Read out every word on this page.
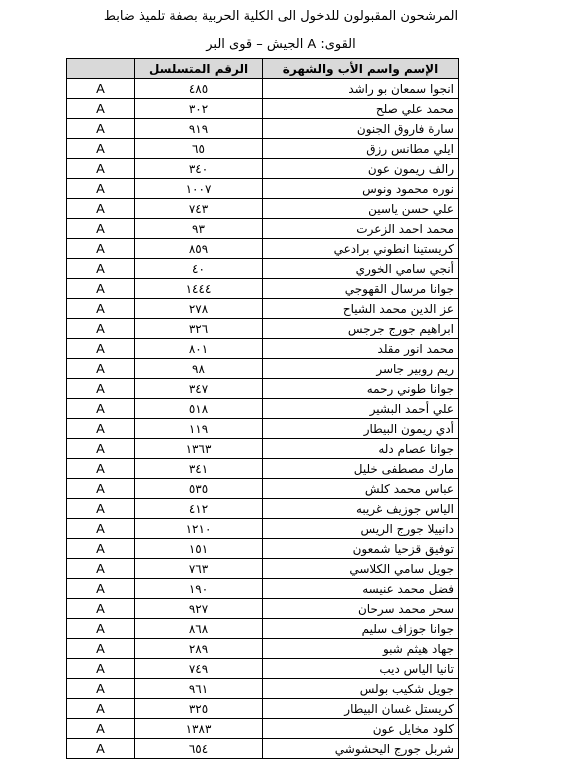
المرشحون المقبولون للدخول الى الكلية الحربية بصفة تلميذ ضابط
القوى: A الجيش – قوى البر
	الرقم المتسلسل	الإسم واسم الأب والشهرة
A	٤٨٥	انجوا سمعان بو راشد
A	٣٠٢	محمد علي صلح
A	٩١٩	سارة فاروق الجنون
A	٦٥	ايلي مطانس رزق
A	٣٤٠	رالف ريمون عون
A	١٠٠٧	نوره محمود ونوس
A	٧٤٣	علي حسن ياسين
A	٩٣	محمد احمد الزعرت
A	٨٥٩	كريستينا انطوني برادعي
A	٤٠	أنجي سامي الخوري
A	١٤٤٤	جوانا مرسال القهوجي
A	٢٧٨	عز الدين محمد الشياح
A	٣٢٦	ابراهيم جورج جرجس
A	٨٠١	محمد انور مقلد
A	٩٨	ريم روبير جاسر
A	٣٤٧	جوانا طوني رحمه
A	٥١٨	علي أحمد البشير
A	١١٩	أدي ريمون البيطار
A	١٣٦٣	جوانا عصام دله
A	٣٤١	مارك مصطفى خليل
A	٥٣٥	عباس محمد كلش
A	٤١٢	الياس جوزيف غريبه
A	١٢١٠	دانييلا جورج الريس
A	١٥١	توفيق قزحيا شمعون
A	٧٦٣	جويل سامي الكلاسي
A	١٩٠	فضل محمد عنيسه
A	٩٢٧	سحر محمد سرحان
A	٨٦٨	جوانا جوزاف سليم
A	٢٨٩	جهاد هيثم شبو
A	٧٤٩	تانيا الياس ديب
A	٩٦١	جويل شكيب بولس
A	٣٢٥	كريستل غسان البيطار
A	١٣٨٣	كلود مخايل عون
A	٦٥٤	شربل جورج اليحشوشي
